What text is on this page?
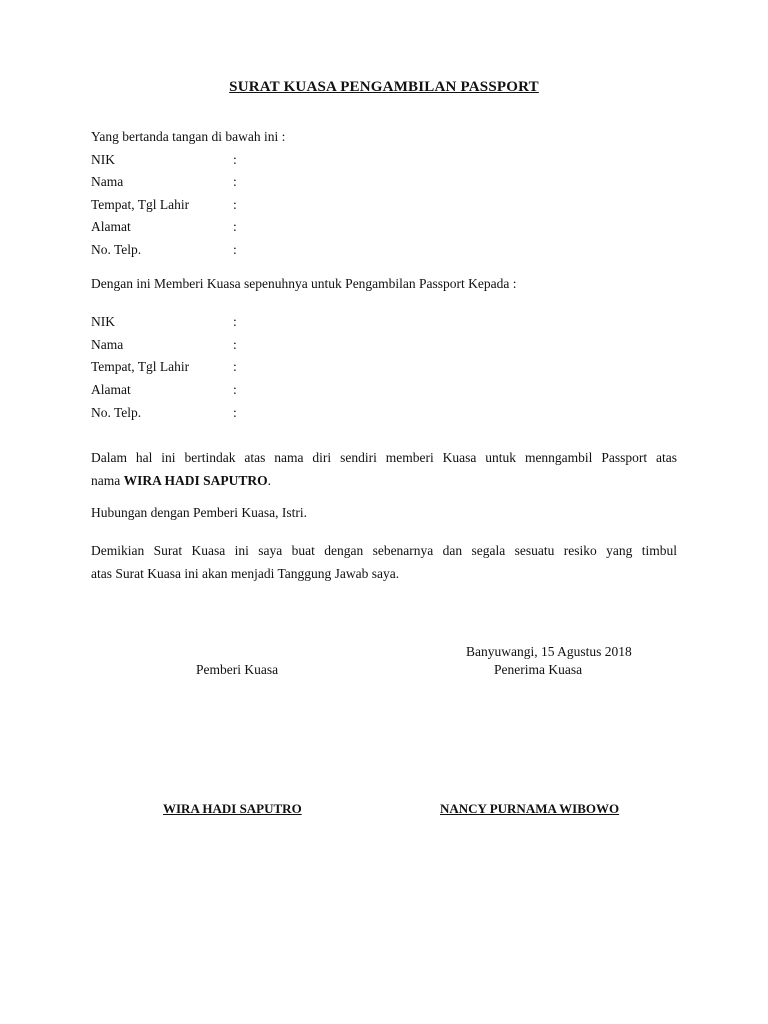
SURAT KUASA PENGAMBILAN PASSPORT
Yang bertanda tangan di bawah ini :
NIK	:
Nama	:
Tempat, Tgl Lahir	:
Alamat	:
No. Telp.	:
Dengan ini Memberi Kuasa sepenuhnya untuk Pengambilan Passport Kepada :
NIK	:
Nama	:
Tempat, Tgl Lahir	:
Alamat	:
No. Telp.	:
Dalam hal ini bertindak atas nama diri sendiri memberi Kuasa untuk menngambil Passport atas
nama WIRA HADI SAPUTRO.
Hubungan dengan Pemberi Kuasa, Istri.
Demikian Surat Kuasa ini saya buat dengan sebenarnya dan segala sesuatu resiko yang timbul
atas Surat Kuasa ini akan menjadi Tanggung Jawab saya.
Banyuwangi, 15 Agustus 2018
Pemberi Kuasa	Penerima Kuasa
WIRA HADI SAPUTRO	NANCY PURNAMA WIBOWO
